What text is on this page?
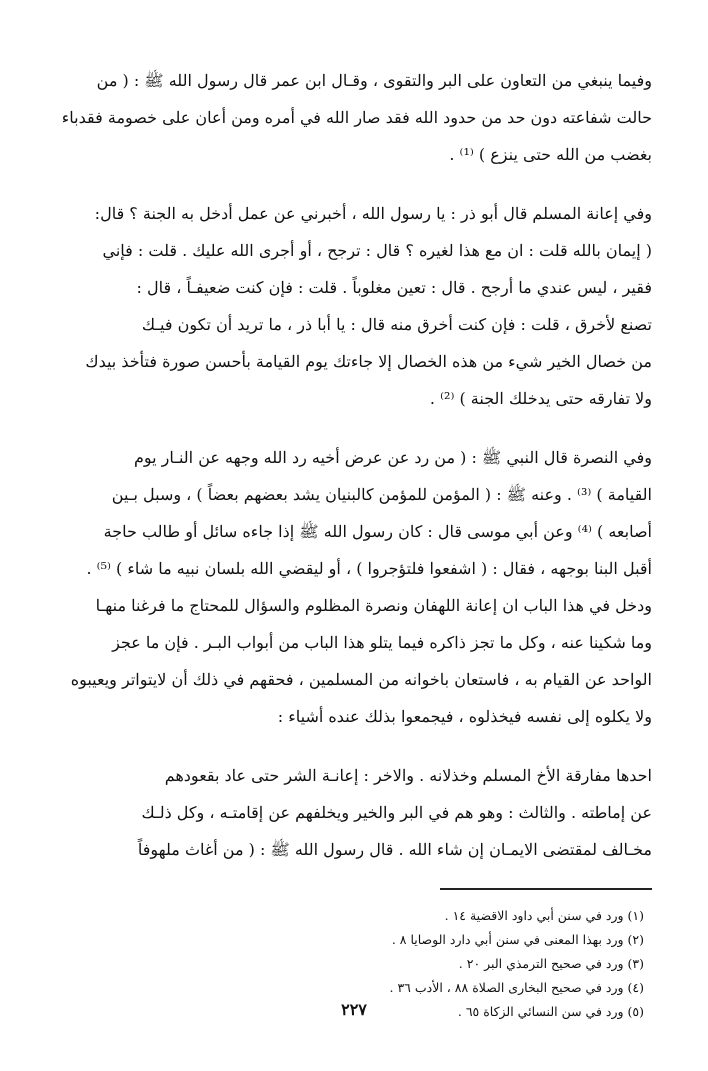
وفيما ينبغي من التعاون على البر والتقوى ، وقـال ابن عمر قال رسول الله ﷺ : ( من

حالت شفاعته دون حد من حدود الله فقد صار الله في أمره ومن أعان على خصومة فقدباء

بغضب من الله حتى ينزع ) ⁽¹⁾ .

وفي إعانة المسلم قال أبو ذر : يا رسول الله ، أخبرني عن عمل أدخل به الجنة ؟ قال:

( إيمان بالله قلت : ان مع هذا لغيره ؟ قال : ترجح ، أو أجرى الله عليك . قلت : فإني

فقير ، ليس عندي ما أرجح . قال : تعين مغلوباً . قلت : فإن كنت ضعيفـاً ، قال :

تصنع لأخرق ، قلت : فإن كنت أخرق منه قال : يا أبا ذر ، ما تريد أن تكون فيـك

من خصال الخير شيء من هذه الخصال إلا جاءتك يوم القيامة بأحسن صورة فتأخذ بيدك

ولا تفارقه حتى يدخلك الجنة ) ⁽²⁾ .

وفي النصرة قال النبي ﷺ : ( من رد عن عرض أخيه رد الله وجهه عن النـار يوم

القيامة ) ⁽³⁾ . وعنه ﷺ : ( المؤمن للمؤمن كالبنيان يشد بعضهم بعضاً ) ، وسبل بـين

أصابعه ) ⁽⁴⁾ وعن أبي موسى قال : كان رسول الله ﷺ إذا جاءه سائل أو طالب حاجة

أقبل البنا بوجهه ، فقال : ( اشفعوا فلتؤجروا ) ، أو ليقضي الله بلسان نبيه ما شاء ) ⁽⁵⁾ .

ودخل في هذا الباب ان إعانة اللهفان ونصرة المظلوم والسؤال للمحتاج ما فرغنا منهـا

وما شكينا عنه ، وكل ما تجز ذاكره فيما يتلو هذا الباب من أبواب البـر . فإن ما عجز

الواحد عن القيام به ، فاستعان باخوانه من المسلمين ، فحقهم في ذلك أن لايتواتر ويعيبوه

ولا يكلوه إلى نفسه فيخذلوه ، فيجمعوا بذلك عنده أشياء :

احدها مفارقة الأخ المسلم وخذلانه . والاخر : إعانـة الشر حتى عاد بقعودهم

عن إماطته . والثالث : وهو هم في البر والخير ويخلفهم عن إقامتـه ، وكل ذلـك

مخـالف لمقتضى الايمـان إن شاء الله . قال رسول الله ﷺ : ( من أغاث ملهوفاً

(١) ورد في سنن أبي داود الاقضية ١٤ .

(٢) ورد بهذا المعنى في سنن أبي دارد الوصايا ٨ .

(٣) ورد في صحيح الترمذي البر ٢٠ .

(٤) ورد في صحيح البخارى الصلاة ٨٨ ، الأدب ٣٦ .

(٥) ورد في سن النسائي الزكاة ٦٥ .

٢٢٧
